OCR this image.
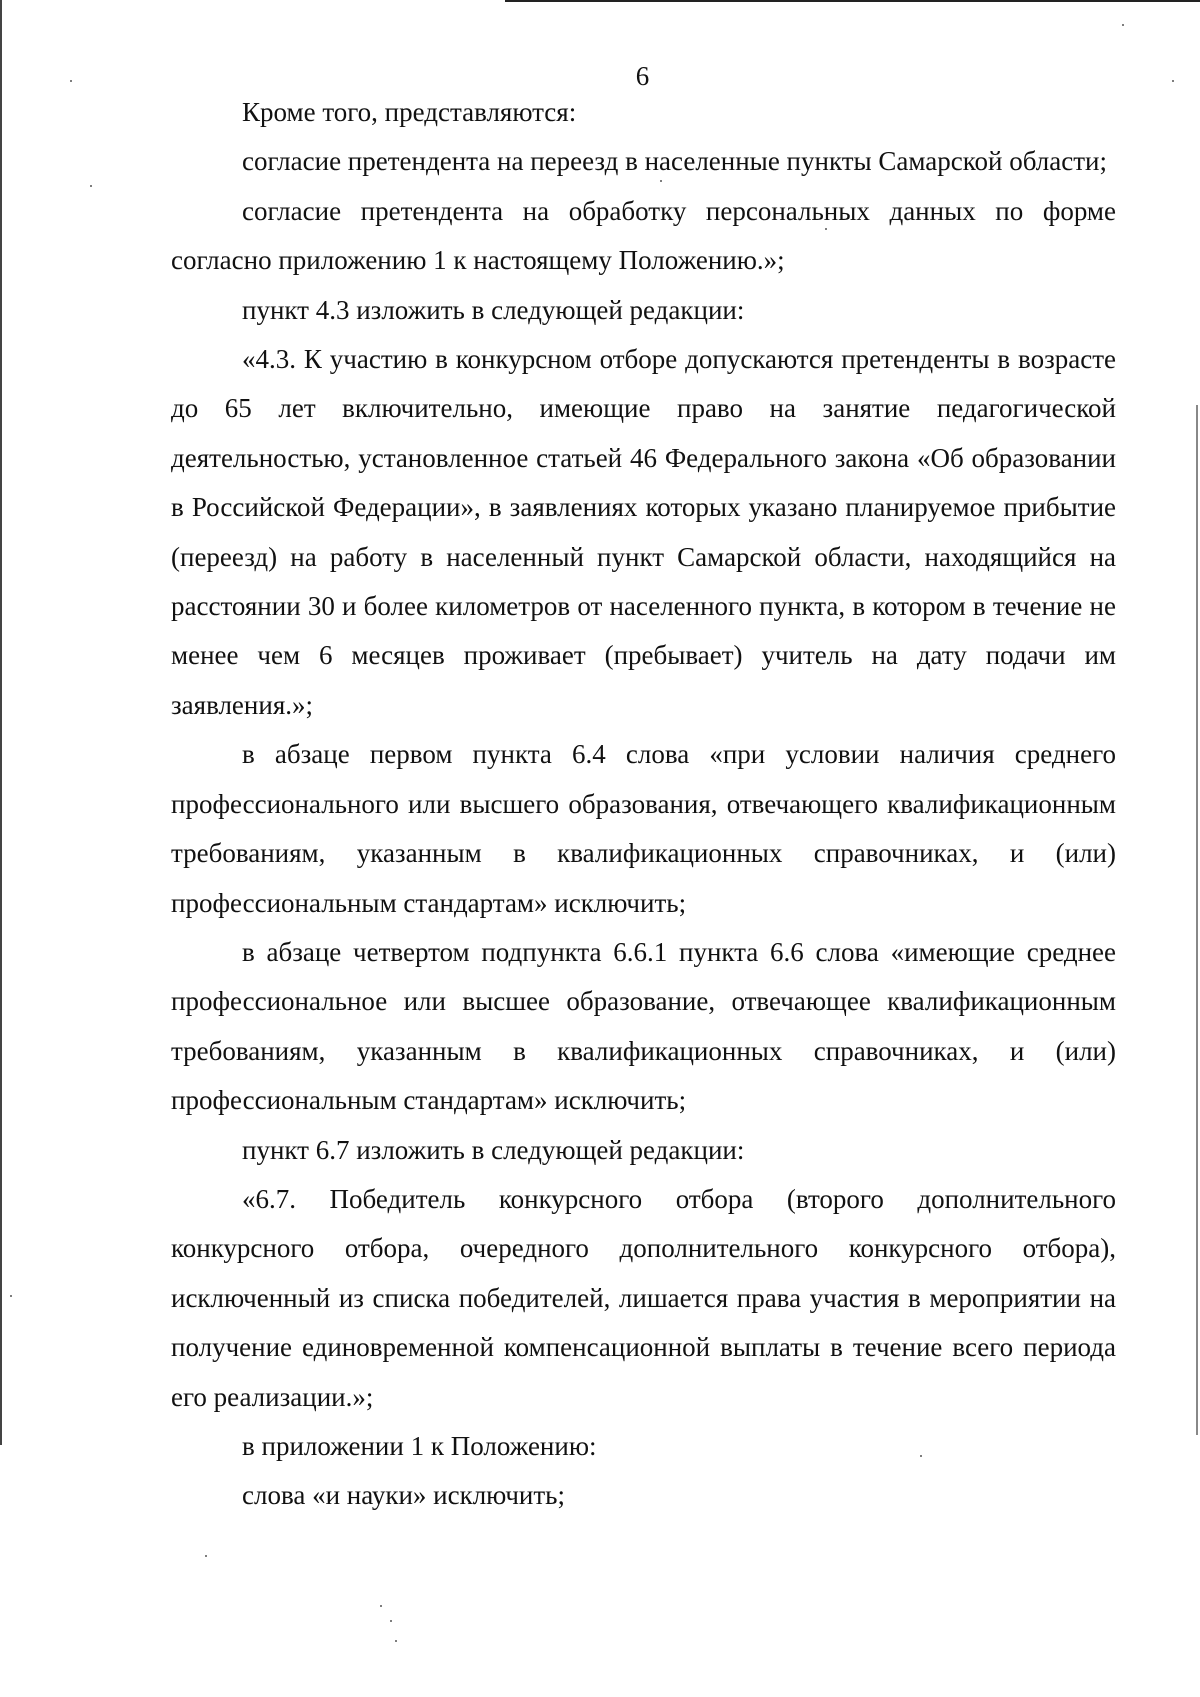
6

Кроме того, представляются:

согласие претендента на переезд в населенные пункты Самарской области;

согласие претендента на обработку персональных данных по форме согласно приложению 1 к настоящему Положению.»;

пункт 4.3 изложить в следующей редакции:

«4.3. К участию в конкурсном отборе допускаются претенденты в возрасте до 65 лет включительно, имеющие право на занятие педагогической деятельностью, установленное статьей 46 Федерального закона «Об образовании в Российской Федерации», в заявлениях которых указано планируемое прибытие (переезд) на работу в населенный пункт Самарской области, находящийся на расстоянии 30 и более километров от населенного пункта, в котором в течение не менее чем 6 месяцев проживает (пребывает) учитель на дату подачи им заявления.»;

в абзаце первом пункта 6.4 слова «при условии наличия среднего профессионального или высшего образования, отвечающего квалификационным требованиям, указанным в квалификационных справочниках, и (или) профессиональным стандартам» исключить;

в абзаце четвертом подпункта 6.6.1 пункта 6.6 слова «имеющие среднее профессиональное или высшее образование, отвечающее квалификационным требованиям, указанным в квалификационных справочниках, и (или) профессиональным стандартам» исключить;

пункт 6.7 изложить в следующей редакции:

«6.7. Победитель конкурсного отбора (второго дополнительного конкурсного отбора, очередного дополнительного конкурсного отбора), исключенный из списка победителей, лишается права участия в мероприятии на получение единовременной компенсационной выплаты в течение всего периода его реализации.»;

в приложении 1 к Положению:

слова «и науки» исключить;
